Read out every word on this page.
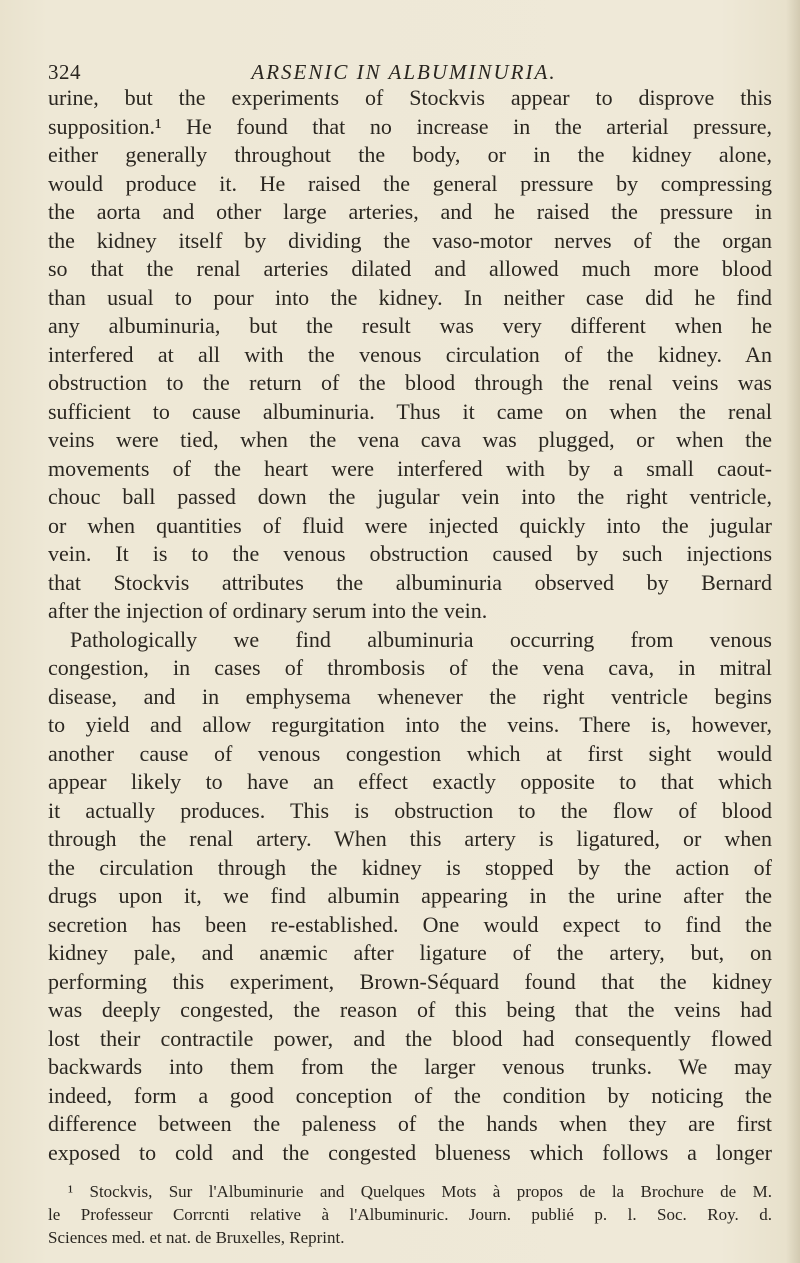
324	ARSENIC IN ALBUMINURIA.
urine, but the experiments of Stockvis appear to disprove this
supposition.¹ He found that no increase in the arterial pressure,
either generally throughout the body, or in the kidney alone,
would produce it. He raised the general pressure by compressing
the aorta and other large arteries, and he raised the pressure in
the kidney itself by dividing the vaso-motor nerves of the organ
so that the renal arteries dilated and allowed much more blood
than usual to pour into the kidney. In neither case did he find
any albuminuria, but the result was very different when he
interfered at all with the venous circulation of the kidney. An
obstruction to the return of the blood through the renal veins was
sufficient to cause albuminuria. Thus it came on when the renal
veins were tied, when the vena cava was plugged, or when the
movements of the heart were interfered with by a small caout-
chouc ball passed down the jugular vein into the right ventricle,
or when quantities of fluid were injected quickly into the jugular
vein. It is to the venous obstruction caused by such injections
that Stockvis attributes the albuminuria observed by Bernard
after the injection of ordinary serum into the vein.
Pathologically we find albuminuria occurring from venous
congestion, in cases of thrombosis of the vena cava, in mitral
disease, and in emphysema whenever the right ventricle begins
to yield and allow regurgitation into the veins. There is, however,
another cause of venous congestion which at first sight would
appear likely to have an effect exactly opposite to that which
it actually produces. This is obstruction to the flow of blood
through the renal artery. When this artery is ligatured, or when
the circulation through the kidney is stopped by the action of
drugs upon it, we find albumin appearing in the urine after the
secretion has been re-established. One would expect to find the
kidney pale, and anæmic after ligature of the artery, but, on
performing this experiment, Brown-Séquard found that the kidney
was deeply congested, the reason of this being that the veins had
lost their contractile power, and the blood had consequently flowed
backwards into them from the larger venous trunks. We may
indeed, form a good conception of the condition by noticing the
difference between the paleness of the hands when they are first
exposed to cold and the congested blueness which follows a longer
¹ Stockvis, Sur l'Albuminurie and Quelques Mots à propos de la Brochure de M.
le Professeur Corrcnti relative à l'Albuminuric. Journ. publié p. l. Soc. Roy. d.
Sciences med. et nat. de Bruxelles, Reprint.
